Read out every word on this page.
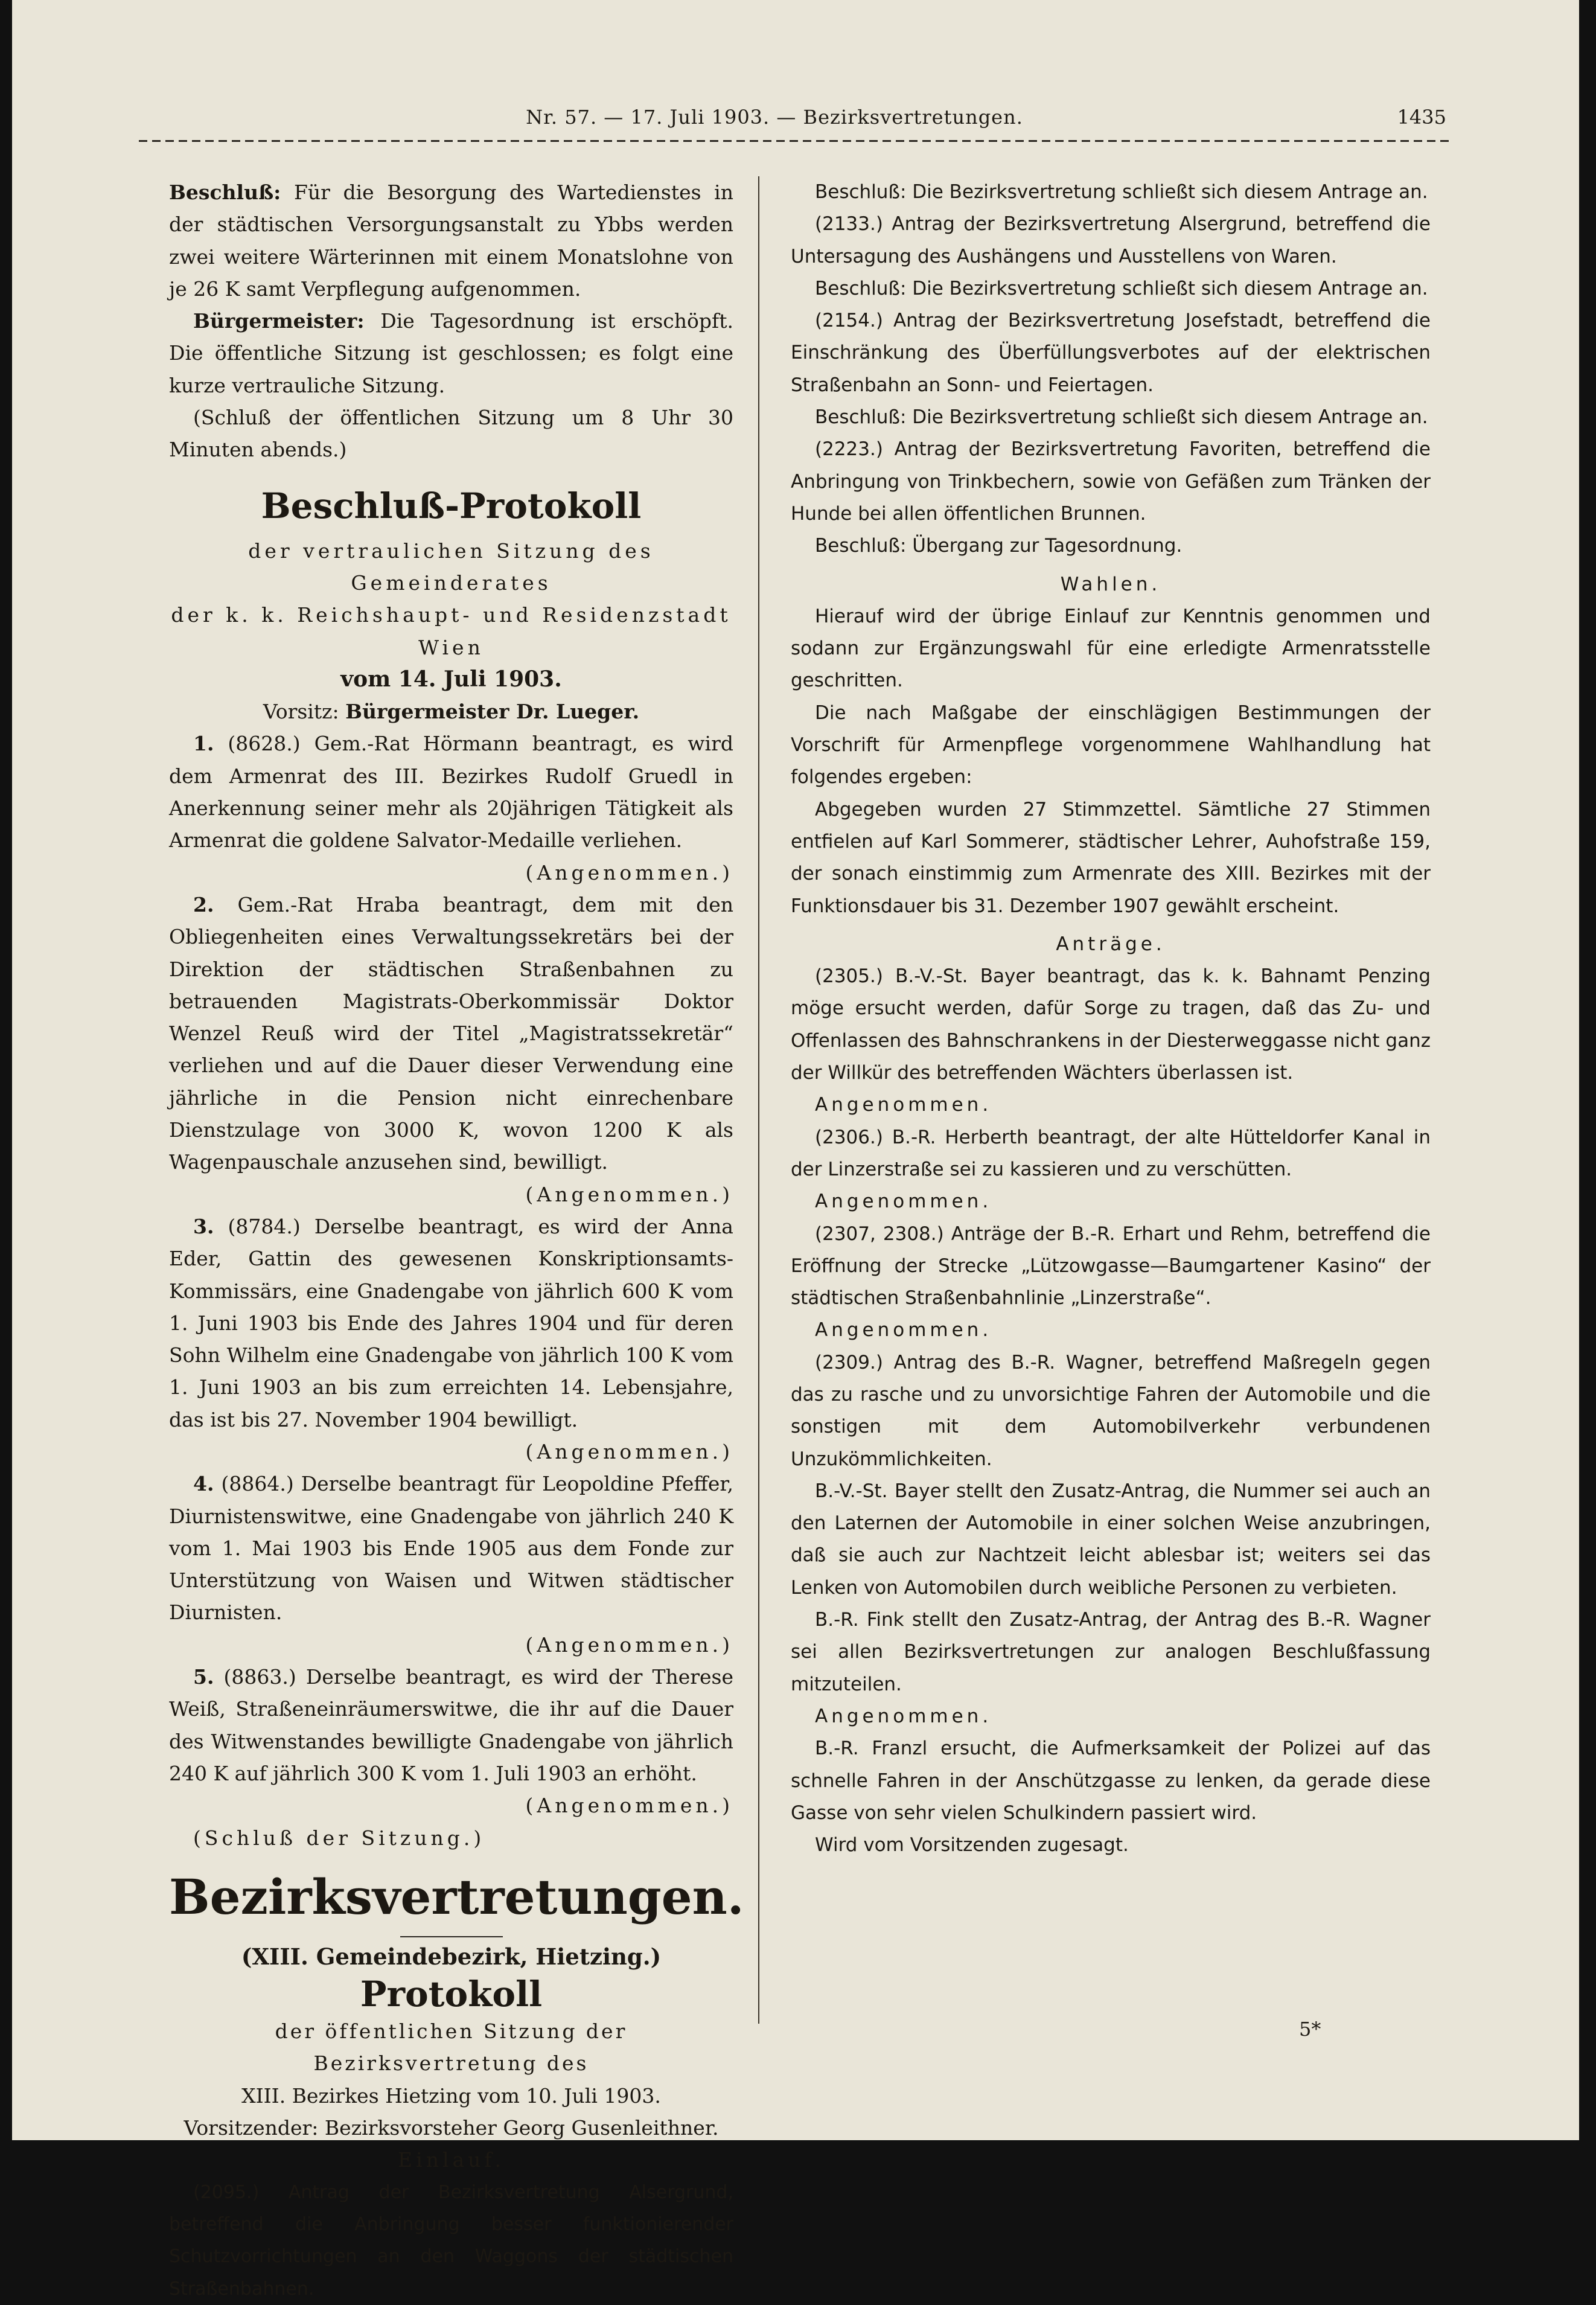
Nr. 57. — 17. Juli 1903. — Bezirksvertretungen.	1435

Beschluß: Für die Besorgung des Wartedienstes in der städtischen Versorgungsanstalt zu Ybbs werden zwei weitere Wärterinnen mit einem Monatslohne von je 26 K samt Verpflegung aufgenommen.

Bürgermeister: Die Tagesordnung ist erschöpft. Die öffentliche Sitzung ist geschlossen; es folgt eine kurze vertrauliche Sitzung.

(Schluß der öffentlichen Sitzung um 8 Uhr 30 Minuten abends.)

Beschluß-Protokoll

der vertraulichen Sitzung des Gemeinderates

der k. k. Reichshaupt- und Residenzstadt Wien

vom 14. Juli 1903.

Vorsitz: Bürgermeister Dr. Lueger.

1. (8628.) Gem.-Rat Hörmann beantragt, es wird dem Armenrat des III. Bezirkes Rudolf Gruedl in Anerkennung seiner mehr als 20jährigen Tätigkeit als Armenrat die goldene Salvator-Medaille verliehen.

(Angenommen.)

2. Gem.-Rat Hraba beantragt, dem mit den Obliegenheiten eines Verwaltungssekretärs bei der Direktion der städtischen Straßenbahnen zu betrauenden Magistrats-Oberkommissär Doktor Wenzel Reuß wird der Titel „Magistratssekretär“ verliehen und auf die Dauer dieser Verwendung eine jährliche in die Pension nicht einrechenbare Dienstzulage von 3000 K, wovon 1200 K als Wagenpauschale anzusehen sind, bewilligt.

(Angenommen.)

3. (8784.) Derselbe beantragt, es wird der Anna Eder, Gattin des gewesenen Konskriptionsamts-Kommissärs, eine Gnadengabe von jährlich 600 K vom 1. Juni 1903 bis Ende des Jahres 1904 und für deren Sohn Wilhelm eine Gnadengabe von jährlich 100 K vom 1. Juni 1903 an bis zum erreichten 14. Lebensjahre, das ist bis 27. November 1904 bewilligt.

(Angenommen.)

4. (8864.) Derselbe beantragt für Leopoldine Pfeffer, Diurnistenswitwe, eine Gnadengabe von jährlich 240 K vom 1. Mai 1903 bis Ende 1905 aus dem Fonde zur Unterstützung von Waisen und Witwen städtischer Diurnisten.

(Angenommen.)

5. (8863.) Derselbe beantragt, es wird der Therese Weiß, Straßeneinräumerswitwe, die ihr auf die Dauer des Witwenstandes bewilligte Gnadengabe von jährlich 240 K auf jährlich 300 K vom 1. Juli 1903 an erhöht.

(Angenommen.)

(Schluß der Sitzung.)

Bezirksvertretungen.

(XIII. Gemeindebezirk, Hietzing.)

Protokoll

der öffentlichen Sitzung der Bezirksvertretung des

XIII. Bezirkes Hietzing vom 10. Juli 1903.

Vorsitzender: Bezirksvorsteher Georg Gusenleithner.

Einlauf.

(2095.) Antrag der Bezirksvertretung Alsergrund, betreffend die Anbringung besser funktionierender Schutzvorrichtungen an den Waggons der städtischen Straßenbahnen.

Beschluß: Die Bezirksvertretung schließt sich diesem Antrage an.

(2133.) Antrag der Bezirksvertretung Alsergrund, betreffend die Untersagung des Aushängens und Ausstellens von Waren.

Beschluß: Die Bezirksvertretung schließt sich diesem Antrage an.

(2154.) Antrag der Bezirksvertretung Josefstadt, betreffend die Einschränkung des Überfüllungsverbotes auf der elektrischen Straßenbahn an Sonn- und Feiertagen.

Beschluß: Die Bezirksvertretung schließt sich diesem Antrage an.

(2223.) Antrag der Bezirksvertretung Favoriten, betreffend die Anbringung von Trinkbechern, sowie von Gefäßen zum Tränken der Hunde bei allen öffentlichen Brunnen.

Beschluß: Übergang zur Tagesordnung.

Wahlen.

Hierauf wird der übrige Einlauf zur Kenntnis genommen und sodann zur Ergänzungswahl für eine erledigte Armenratsstelle geschritten.

Die nach Maßgabe der einschlägigen Bestimmungen der Vorschrift für Armenpflege vorgenommene Wahlhandlung hat folgendes ergeben:

Abgegeben wurden 27 Stimmzettel. Sämtliche 27 Stimmen entfielen auf Karl Sommerer, städtischer Lehrer, Auhofstraße 159, der sonach einstimmig zum Armenrate des XIII. Bezirkes mit der Funktionsdauer bis 31. Dezember 1907 gewählt erscheint.

Anträge.

(2305.) B.-V.-St. Bayer beantragt, das k. k. Bahnamt Penzing möge ersucht werden, dafür Sorge zu tragen, daß das Zu- und Offenlassen des Bahnschrankens in der Diesterweggasse nicht ganz der Willkür des betreffenden Wächters überlassen ist.

Angenommen.

(2306.) B.-R. Herberth beantragt, der alte Hütteldorfer Kanal in der Linzerstraße sei zu kassieren und zu verschütten.

Angenommen.

(2307, 2308.) Anträge der B.-R. Erhart und Rehm, betreffend die Eröffnung der Strecke „Lützowgasse—Baumgartener Kasino“ der städtischen Straßenbahnlinie „Linzerstraße“.

Angenommen.

(2309.) Antrag des B.-R. Wagner, betreffend Maßregeln gegen das zu rasche und zu unvorsichtige Fahren der Automobile und die sonstigen mit dem Automobilverkehr verbundenen Unzukömmlichkeiten.

B.-V.-St. Bayer stellt den Zusatz-Antrag, die Nummer sei auch an den Laternen der Automobile in einer solchen Weise anzubringen, daß sie auch zur Nachtzeit leicht ablesbar ist; weiters sei das Lenken von Automobilen durch weibliche Personen zu verbieten.

B.-R. Fink stellt den Zusatz-Antrag, der Antrag des B.-R. Wagner sei allen Bezirksvertretungen zur analogen Beschlußfassung mitzuteilen.

Angenommen.

B.-R. Franzl ersucht, die Aufmerksamkeit der Polizei auf das schnelle Fahren in der Anschützgasse zu lenken, da gerade diese Gasse von sehr vielen Schulkindern passiert wird.

Wird vom Vorsitzenden zugesagt.

5*
